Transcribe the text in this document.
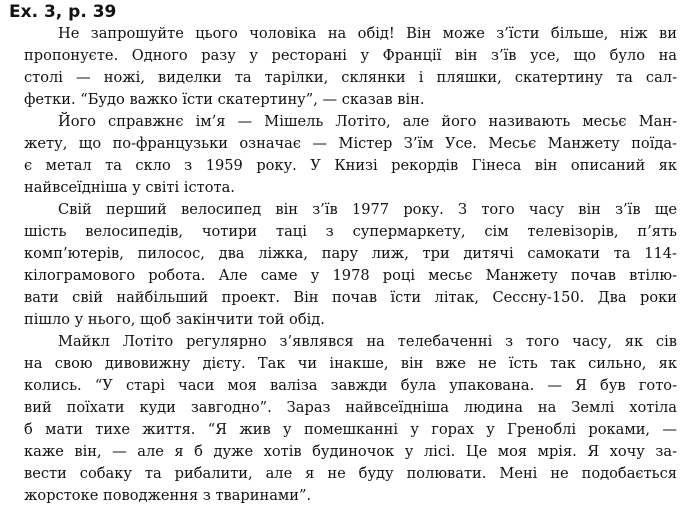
Ex. 3, p. 39
Не запрошуйте цього чоловіка на обід! Він може з’їсти більше, ніж ви
пропонуєте. Одного разу у ресторані у Франції він з’їв усе, що було на
столі — ножі, виделки та тарілки, склянки і пляшки, скатертину та сал-
фетки. “Будо важко їсти скатертину”, — сказав він.
Його справжнє ім’я — Мішель Лотіто, але його називають месьє Ман-
жету, що по-французьки означає — Містер З’їм Усе. Месьє Манжету поїда-
є метал та скло з 1959 року. У Книзі рекордів Гінеса він описаний як
найвсеїдніша у світі істота.
Свій перший велосипед він з’їв 1977 року. З того часу він з’їв ще
шість велосипедів, чотири таці з супермаркету, сім телевізорів, п’ять
комп’ютерів, пилосос, два ліжка, пару лиж, три дитячі самокати та 114-
кілограмового робота. Але саме у 1978 році месьє Манжету почав втілю-
вати свій найбільший проект. Він почав їсти літак, Сессну-150. Два роки
пішло у нього, щоб закінчити той обід.
Майкл Лотіто регулярно з’являвся на телебаченні з того часу, як сів
на свою дивовижну дієту. Так чи інакше, він вже не їсть так сильно, як
колись. “У старі часи моя валіза завжди була упакована. — Я був гото-
вий поїхати куди завгодно”. Зараз найвсеїдніша людина на Землі хотіла
б мати тихе життя. “Я жив у помешканні у горах у Греноблі роками, —
каже він, — але я б дуже хотів будиночок у лісі. Це моя мрія. Я хочу за-
вести собаку та рибалити, але я не буду полювати. Мені не подобається
жорстоке поводження з тваринами”.
